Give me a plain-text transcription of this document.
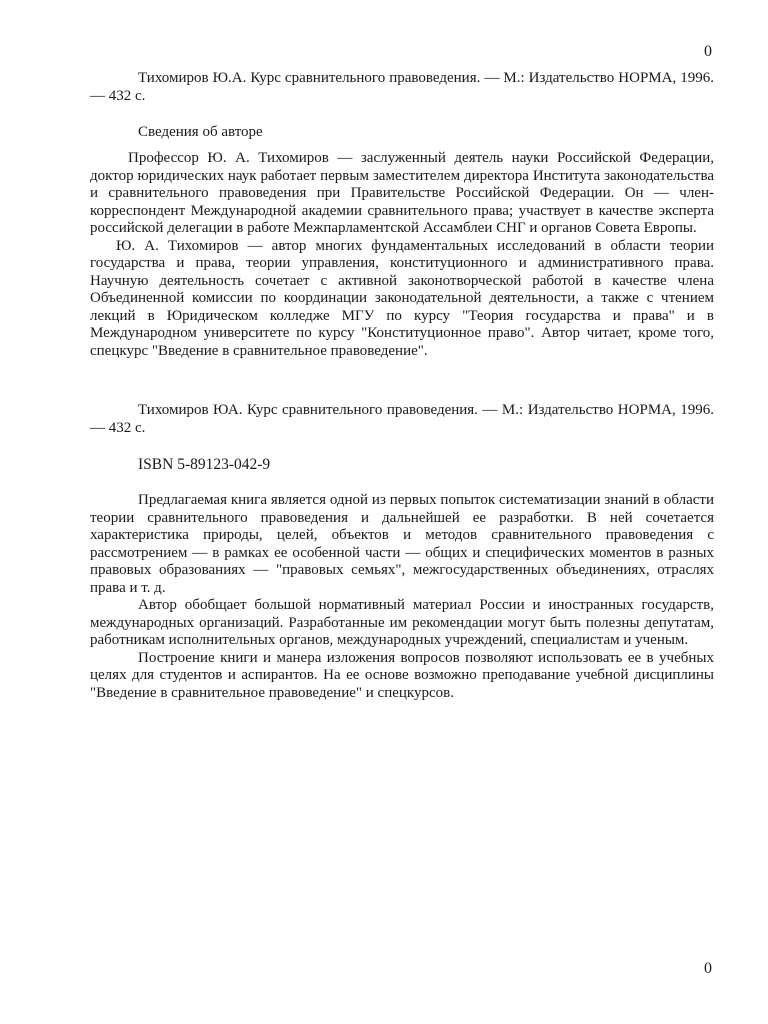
0

Тихомиров Ю.А. Курс сравнительного правоведения. — М.: Издательство НОРМА, 1996. — 432 с.

Сведения об авторе

Профессор Ю. А. Тихомиров — заслуженный деятель науки Российской Федерации, доктор юридических наук работает первым заместителем директора Института законодательства и сравнительного правоведения при Правительстве Российской Федерации. Он — член-корреспондент Международной академии сравнительного права; участвует в качестве эксперта российской делегации в работе Межпарламентской Ассамблеи СНГ и органов Совета Европы.

Ю. А. Тихомиров — автор многих фундаментальных исследований в области теории государства и права, теории управления, конституционного и административного права. Научную деятельность сочетает с активной законотворческой работой в качестве члена Объединенной комиссии по координации законодательной деятельности, а также с чтением лекций в Юридическом колледже МГУ по курсу "Теория государства и права" и в Международном университете по курсу "Конституционное право". Автор читает, кроме того, спецкурс "Введение в сравнительное правоведение".

Тихомиров ЮА. Курс сравнительного правоведения. — М.: Издательство НОРМА, 1996. — 432 с.

ISBN 5-89123-042-9

Предлагаемая книга является одной из первых попыток систематизации знаний в области теории сравнительного правоведения и дальнейшей ее разработки. В ней сочетается характеристика природы, целей, объектов и методов сравнительного правоведения с рассмотрением — в рамках ее особенной части — общих и специфических моментов в разных правовых образованиях — "правовых семьях", межгосударственных объединениях, отраслях права и т. д.

Автор обобщает большой нормативный материал России и иностранных государств, международных организаций. Разработанные им рекомендации могут быть полезны депутатам, работникам исполнительных органов, международных учреждений, специалистам и ученым.

Построение книги и манера изложения вопросов позволяют использовать ее в учебных целях для студентов и аспирантов. На ее основе возможно преподавание учебной дисциплины "Введение в сравнительное правоведение" и спецкурсов.

0
